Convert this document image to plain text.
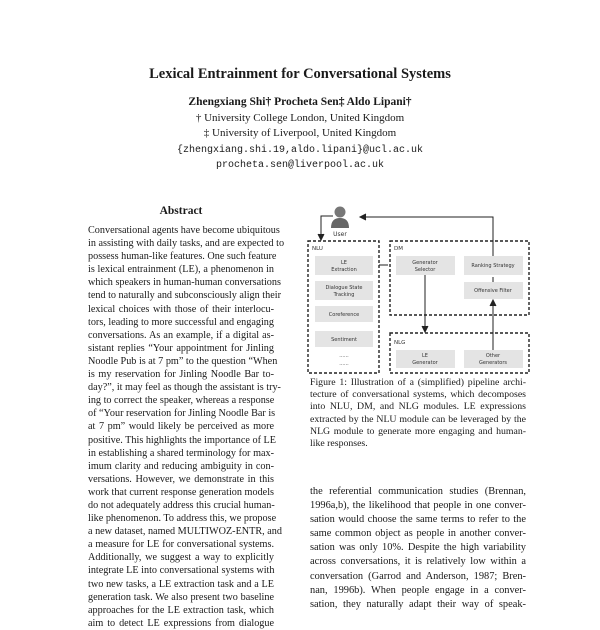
Lexical Entrainment for Conversational Systems
Zhengxiang Shi† Procheta Sen‡ Aldo Lipani†
† University College London, United Kingdom
‡ University of Liverpool, United Kingdom
{zhengxiang.shi.19,aldo.lipani}@ucl.ac.uk
procheta.sen@liverpool.ac.uk
Abstract
Conversational agents have become ubiquitous
in assisting with daily tasks, and are expected to
possess human-like features. One such feature
is lexical entrainment (LE), a phenomenon in
which speakers in human-human conversations
tend to naturally and subconsciously align their
lexical choices with those of their interlocu-
tors, leading to more successful and engaging
conversations. As an example, if a digital as-
sistant replies “Your appointment for Jinling
Noodle Pub is at 7 pm” to the question “When
is my reservation for Jinling Noodle Bar to-
day?”, it may feel as though the assistant is try-
ing to correct the speaker, whereas a response
of “Your reservation for Jinling Noodle Bar is
at 7 pm” would likely be perceived as more
positive. This highlights the importance of LE
in establishing a shared terminology for max-
imum clarity and reducing ambiguity in con-
versations. However, we demonstrate in this
work that current response generation models
do not adequately address this crucial human-
like phenomenon. To address this, we propose
a new dataset, named MULTIWOZ-ENTR, and
a measure for LE for conversational systems.
Additionally, we suggest a way to explicitly
integrate LE into conversational systems with
two new tasks, a LE extraction task and a LE
generation task. We also present two baseline
approaches for the LE extraction task, which
aim to detect LE expressions from dialogue
User
NLU	DM
NLG
LE
Extraction
Dialogue State
Tracking
Coreference
Sentiment
......
......
Generator
Selector
Ranking Strategy
Offensive Filter
LE
Generator
Other
Generators
Figure 1: Illustration of a (simplified) pipeline archi-
tecture of conversational systems, which decomposes
into NLU, DM, and NLG modules. LE expressions
extracted by the NLU module can be leveraged by the
NLG module to generate more engaging and human-
like responses.
the referential communication studies (Brennan,
1996a,b), the likelihood that people in one conver-
sation would choose the same terms to refer to the
same common object as people in another conver-
sation was only 10%. Despite the high variability
across conversations, it is relatively low within a
conversation (Garrod and Anderson, 1987; Bren-
nan, 1996b). When people engage in a conver-
sation, they naturally adapt their way of speak-
